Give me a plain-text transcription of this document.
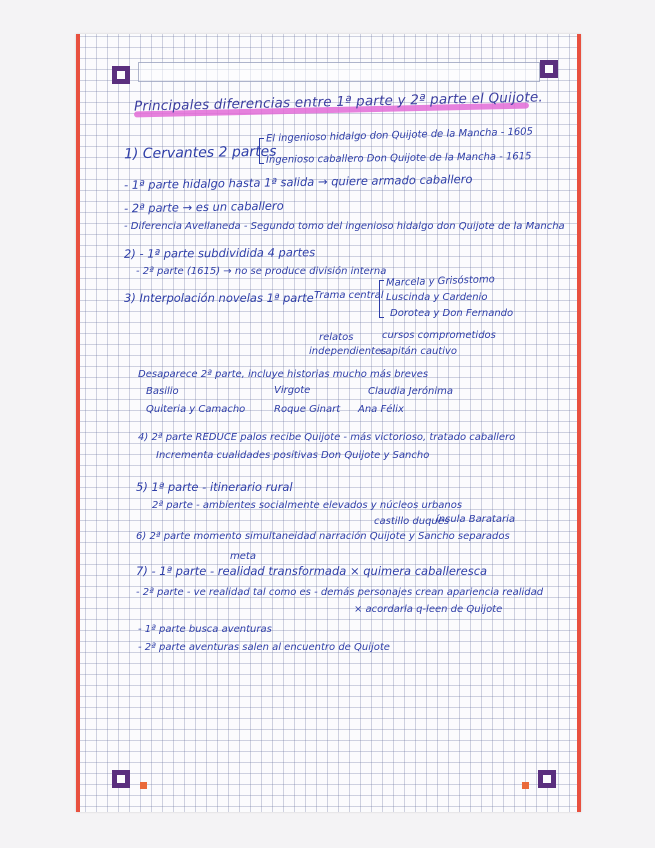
Principales diferencias entre 1ª parte y 2ª parte el Quijote.
1) Cervantes 2 partes
El ingenioso hidalgo don Quijote de la Mancha - 1605
Ingenioso caballero Don Quijote de la Mancha - 1615
- 1ª parte hidalgo hasta 1ª salida → quiere armado caballero
- 2ª parte → es un caballero
- Diferencia Avellaneda - Segundo tomo del ingenioso hidalgo don Quijote de la Mancha
2) - 1ª parte subdividida 4 partes
- 2ª parte (1615) → no se produce división interna
3) Interpolación novelas 1ª parte Trama central
Marcela y Grisóstomo
Luscinda y Cardenio
Dorotea y Don Fernando
relatos
independientes
cursos comprometidos
capitán cautivo
Desaparece 2ª parte, incluye historias mucho más breves
Basilio	Virgote	Claudia Jerónima
Quiteria y Camacho	Roque Ginart Ana Félix
4) 2ª parte REDUCE palos recibe Quijote - más victorioso, tratado caballero
Incrementa cualidades positivas Don Quijote y Sancho
5) 1ª parte - itinerario rural
2ª parte - ambientes socialmente elevados y núcleos urbanos
castillo duques
ínsula Barataria
6) 2ª parte momento simultaneidad narración Quijote y Sancho separados
meta
7) - 1ª parte - realidad transformada × quimera caballeresca
- 2ª parte - ve realidad tal como es - demás personajes crean apariencia realidad
× acordarla q-leen de Quijote
- 1ª parte busca aventuras
- 2ª parte aventuras salen al encuentro de Quijote
